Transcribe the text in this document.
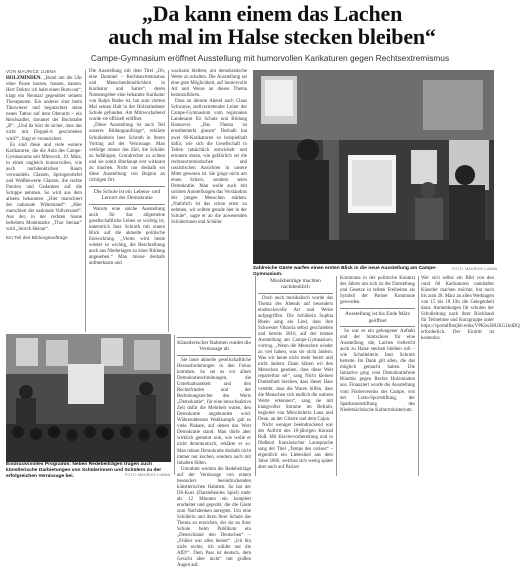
„Da kann einem das Lachen
auch mal im Halse stecken bleiben“
Campe-Gymnasium eröffnet Ausstellung mit humorvollen Karikaturen gegen Rechtsextremismus
VON MAURICE LUBNA

HOLZMINDEN. „Rund um die Uhr ohne Pause hassen, hassen, hassen. Herr Doktor ich habe einen Burn-out“, klagt ein Neonazi gegenüber seinem Therapeuten. Ein anderer sitzt beim Tätowierer und begutachtet seine neues Tattoo auf dem Oberarm – ein Reichsadler, darunter der Buchstabe „B“. „Und da hört du sicher, dass das nicht mit Doppel-S geschrieben wird?“, fragt er verunsichert.

Es sind diese und viele weitere Karikaturen, die die Aula des Campe-Gymnasiums seit Mittwoch, 19. März, in einen ungleich humorvollen, wie auch nachdenklichen Raum verwandeln. Glatzen, Springerstiefel und Weißbewerte Glatzen, die rechte Parolen und Gedanken auf die Schippe nehmen. So wird aus dem allseits bekannten „Hier marschiert der nationale Widerstand“: „Hier marschiert der nationale Vollversand“. Aus der, in der rechten Szene beliebten Modemarke „Thor Steinar“ wird „Storch Heinar“.

Ein Teil des Bildungsauftrags

Die Ausstellung mit dem Titel „Oh, eine Dummel – Rechtsextremismus und Menschenfeindlichkeit in Karikatur und Satire“, deren Namensgeber eine bekannte Karikatur von Ralph Ruthe ist, hat zum vierten Mal seinen Halt in der Holzmindener Schule gefunden. Am Mittwochabend wurde sie offiziell eröffnet.

„Diese Ausstellung ist auch Teil unseres Bildungsauftrags“, erklärte Schulleiterin Inez Schroth in ihrem Vortrag auf der Vernissage. Man verfolge immer das Ziel, die Schüler zu befähigen, Grundrechte zu achten und sie somit überhaupt erst wirksam zu machen. Nicht nur deshalb sei diese Ausstellung von Beginn an richtigen Ort.

Die Schule ist ein Lebens- und Lernort der Demokratie

Warum eine solche Ausstellung auch für das allgemeine gesellschaftliche Leben so wichtig ist, unterstrich Inez Schroth mit einem Blick auf die aktuelle politische Entwicklung. „Vieles wird heute wieder so wichtig, die Beschreibung auch aus Niederlagen zu einer Bildung angesehen.“ Man müsse deshalb aufmerksam und

wachsam bleiben, um demokratische Werte zu erhalten. Die Ausstellung sei eine gute Möglichkeit, auf humorvolle Art und Weise an dieses Thema heranzuführen.

Dass an diesem Abend auch Claus Schwarze, stellvertretender Leiter der Campe-Gymnasium vom regionalen Landesamt für Schule und Bildung Hannover. „Das Thema ist ernstbemerkt ginnen“ Deshalb hat zwei 60-Karikaturen so beispielhaft dafür, wie sich die Gesellschaft in Teilen tatsächlich entwickelt und erinnern daran, wie gefährlich sei die rechtsextremistischen und rassistischen Ansichten in unsere Mitte gewesen ist. Sie ginge nicht um einen Scherz, sondern seien Demokratie. Man wolle auch mit solchen Ausstellungen das Verständnis der jungen Menschen stärken. „Natürlich ist das schon ernst zu nehmen, wir sollten gerade hier in der Schule“, sagte er an die anwesenden Schülerinnen und Schüler.

Zahlreiche Gäste warfen einen ersten Blick in die neue Ausstellung am Campe-Gymnasium.
FOTO: MAURICE LUBNA
Eindrucksvolles Programm: Neben Redebeiträgen trugen auch künstlerische Darbietungen von Schülerinnen und Schülern zu der erfolgreichen Vernissage bei.	FOTO: MAURICE LUBNA
Künstlerischer Rahmen rundet die Vernissage ab

Sie laute aktuelle gesellschaftliche Herausforderungen in den Fokus kommen. So sei es vor allem Demokratieschreibungen, die Unterhaltsamkeit und den Rechtsfrieden und der Bedrohungsrechte des Werts „Demokratie“, für eine besuchsaktive Zeit dafür die Mehrheit waren, den Demokratie angebunden wird. Währenddessen Wahlkampfs gab es viele Plakate, auf denen das Wort Demokratie stand. Man dürfe aber wirklich gemeint sein, wie wolle er nicht demokratisch, erklärte er so. Man müsse Demokratie deshalb nicht immer nur kochen, sondern auch mit Inhalten füllen.

Umrahmt wurden die Redebeiträge auf der Vernissage von einem besonders beeindruckenden künstlerischen Rahmen. So hat der DS-Kurs (Darstellendes Spiel) mehr als 12 Minuten ein komplett erarbeitet und geprobt, die die Gäste zum Nachdenken anregten. Um eine Schülerin und ihren Ihrer Schule das Thema zu erreichen, der sie an ihrer Schule beim Publikum ein „Deutschland den Deutschen“ – „Früher war alles besser“. „Ich bin nicht rechts, ich wählte nur die AfD!“. Dem Pass ist deutsch, dem Gesicht aber nicht“ mit großen Augen auf.

Musikbeiträge machten nachdenklich

Doch auch musikalisch wurde das Thema des Abends auf besonders eindrucksvolle Art und Weise aufgegriffen. Die Schülerin Sophia Rhein sang ein Lied, dass ihre Schwester Viktoria selbst geschrieben und bereits 2016, auf der letzten Ausstellung am Campe-Gymnasium, vortrug. „Wenn die Menschen wieder zu viel haben, was sie nicht ändern. Was wir heute nicht mehr bereit und nicht ändern. Dann klären wir den Menschen gesehen, dass diese Welt reparierbar sei“, sang Nicht kleinen Dunkelheit brechen, dass dieser Hass verebbt, dass die Waren hilfen, dass die Menschen sich endlich die wahren Werte erkennen“, sang sie mit klangvoller Stimme im Refrain, begleitet von Mitschülerin Lana und Dean, an der Gitarre und dem Cajon.

Nicht weniger beeindruckend war der Auftritt des 18-jährigen Konrad Roß. Mit Klaviervorbereitung und in fließend französischer Lautsprache sang der Titel „Temps des cerises“ – eigentlich ein Liebeslied aus dem Jahre 1866, welches sich wenig später aber auch auf Pariser

Kommune in der politische Kontext des Jahres um sich ist die Darstellung und Gesetze in teilten Freiheiten als Symbol der Pariser Kommune geworden.

Ausstellung ist bis Ende März geöffnet

So war es ein gelungener Auftakt und der Startschuss für eine Ausstellung, die, Lachen vielleicht auch zu Halse stecken bleiben soll – wie Schulleiterin Inez Schroth betonte. Im Dank gilt allen, die das möglich gemacht haben. Die Initiative ging vom Demokratiefreie Bündnis gegen Rechts Holzminden aus. Finanziert wurde die Ausstellung vom Fördervereins des Campe, von der Lotto-Sportstiftung, der Sparkassenstiftung des Niedersächsische Kulturministerium.

Wer sich selbst ein Bild von den rund 60 Karikaturen namhafter Künstler machen möchte, hat noch bis zum 28. März an allen Werktagen von 15 bis 18 Uhr die Gelegenheit dazu. Anmeldungen für schulen der Schulleitung nach ihrer Rückhand für Teilnehme und Kurzgruppe unter https://vportalfbmjhb.reiks/VPKbxJHUKG1bdDQ erforderlich. Der Eintritt ist kostenlos.
